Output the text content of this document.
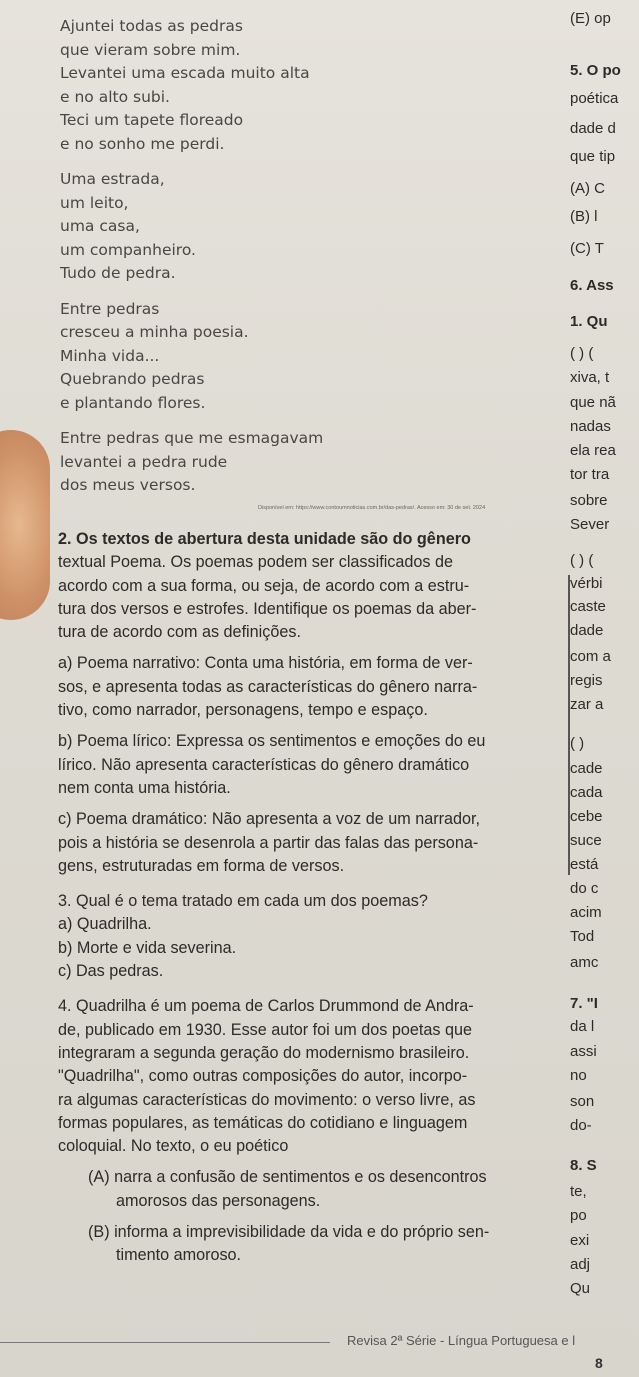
Ajuntei todas as pedras
que vieram sobre mim.
Levantei uma escada muito alta
e no alto subi.
Teci um tapete floreado
e no sonho me perdi.
Uma estrada,
um leito,
uma casa,
um companheiro.
Tudo de pedra.
Entre pedras
cresceu a minha poesia.
Minha vida...
Quebrando pedras
e plantando flores.
Entre pedras que me esmagavam
levantei a pedra rude
dos meus versos.
Disponível em: https://www.contoumnoticias.com.br/das-pedras/. Acesso em: 30 de set. 2024
2. Os textos de abertura desta unidade são do gênero
textual Poema. Os poemas podem ser classificados de
acordo com a sua forma, ou seja, de acordo com a estru-
tura dos versos e estrofes. Identifique os poemas da aber-
tura de acordo com as definições.
a) Poema narrativo: Conta uma história, em forma de ver-
sos, e apresenta todas as características do gênero narra-
tivo, como narrador, personagens, tempo e espaço.
b) Poema lírico: Expressa os sentimentos e emoções do eu
lírico. Não apresenta características do gênero dramático
nem conta uma história.
c) Poema dramático: Não apresenta a voz de um narrador,
pois a história se desenrola a partir das falas das persona-
gens, estruturadas em forma de versos.
3. Qual é o tema tratado em cada um dos poemas?
a) Quadrilha.
b) Morte e vida severina.
c) Das pedras.
4. Quadrilha é um poema de Carlos Drummond de Andra-
de, publicado em 1930. Esse autor foi um dos poetas que
integraram a segunda geração do modernismo brasileiro.
"Quadrilha", como outras composições do autor, incorpo-
ra algumas características do movimento: o verso livre, as
formas populares, as temáticas do cotidiano e linguagem
coloquial. No texto, o eu poético
(A) narra a confusão de sentimentos e os desencontros
amorosos das personagens.
(B) informa a imprevisibilidade da vida e do próprio sen-
timento amoroso.
(E) op
5. O po
poética
dade d
que tip
(A) C
(B) l
(C) T
6. Ass
1. Qu
( ) (
xiva, t
que nã
nadas
ela rea
tor tra
sobre
Sever
( ) (
vérbi
caste
dade
com a
regis
zar a
( )
cade
cada
cebe
suce
está
do c
acim
Tod
amc
7. "I
da l
assi
no
son
do-
8. S
te,
po
exi
adj
Qu
Revisa 2ª Série - Língua Portuguesa e l
8
